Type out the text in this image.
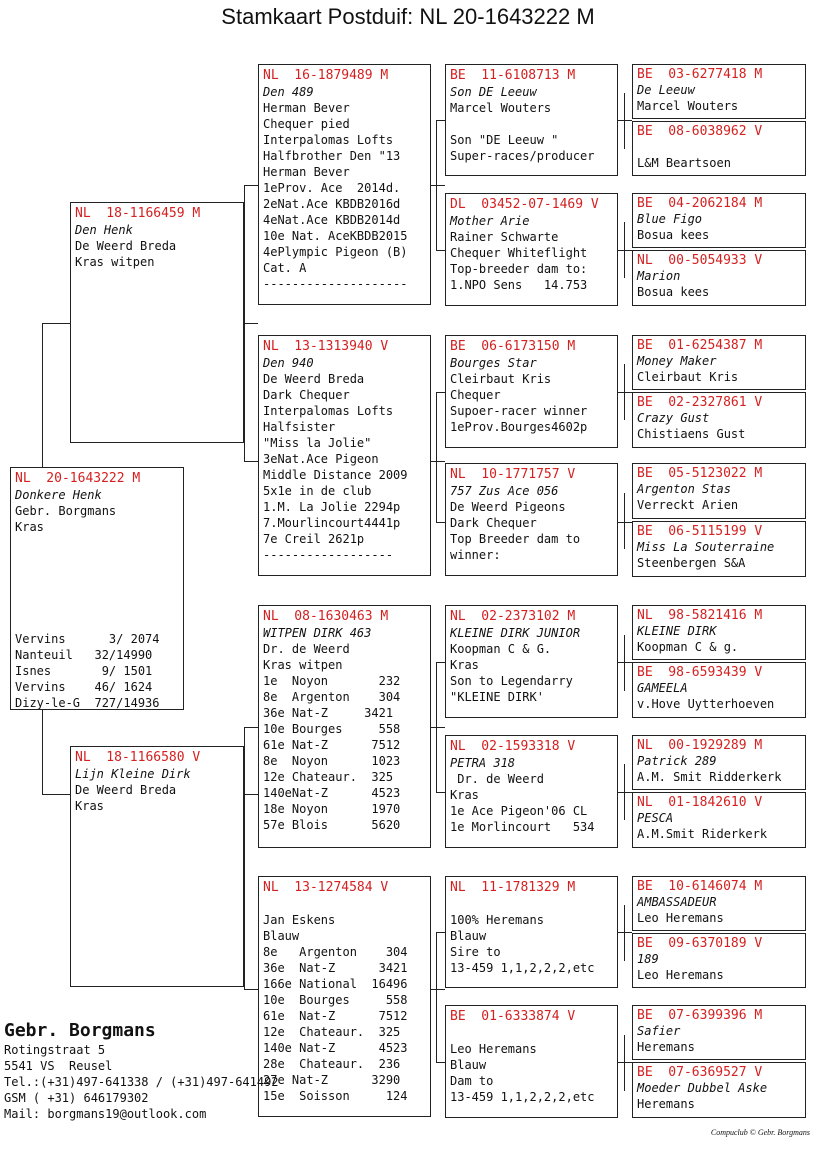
Stamkaart Postduif: NL 20-1643222 M
NL  20-1643222 M
Donkere Henk
Gebr. Borgmans
Kras

Vervins      3/ 2074
Nanteuil   32/14990
Isnes       9/ 1501
Vervins    46/ 1624
Dizy-le-G  727/14936
NL  18-1166459 M
Den Henk
De Weerd Breda
Kras witpen
NL  18-1166580 V
Lijn Kleine Dirk
De Weerd Breda
Kras
NL  16-1879489 M
Den 489
Herman Bever
Chequer pied
Interpalomas Lofts
Halfbrother Den "13
Herman Bever
1eProv. Ace  2014d.
2eNat.Ace KBDB2016d
4eNat.Ace KBDB2014d
10e Nat. AceKBDB2015
4ePlympic Pigeon (B)
Cat. A
--------------------
NL  13-1313940 V
Den 940
De Weerd Breda
Dark Chequer
Interpalomas Lofts
Halfsister
"Miss la Jolie"
3eNat.Ace Pigeon
Middle Distance 2009
5x1e in de club
1.M. La Jolie 2294p
7.Mourlincourt4441p
7e Creil 2621p
------------------
NL  08-1630463 M
WITPEN DIRK 463
Dr. de Weerd
Kras witpen
1e  Noyon       232
8e  Argenton    304
36e Nat-Z     3421
10e Bourges     558
61e Nat-Z      7512
8e  Noyon      1023
12e Chateaur.  325
140eNat-Z      4523
18e Noyon      1970
57e Blois      5620
NL  13-1274584 V

Jan Eskens
Blauw
8e   Argenton    304
36e  Nat-Z      3421
166e National  16496
10e  Bourges     558
61e  Nat-Z      7512
12e  Chateaur.  325
140e Nat-Z      4523
28e  Chateaur.  236
27e Nat-Z      3290
15e  Soisson     124
BE  11-6108713 M
Son DE Leeuw
Marcel Wouters

Son "DE Leeuw "
Super-races/producer
DL  03452-07-1469 V
Mother Arie
Rainer Schwarte
Chequer Whiteflight
Top-breeder dam to:
1.NPO Sens   14.753
BE  06-6173150 M
Bourges Star
Cleirbaut Kris
Chequer
Supoer-racer winner
1eProv.Bourges4602p
NL  10-1771757 V
757 Zus Ace 056
De Weerd Pigeons
Dark Chequer
Top Breeder dam to
winner:
NL  02-2373102 M
KLEINE DIRK JUNIOR
Koopman C & G.
Kras
Son to Legendarry
"KLEINE DIRK'
NL  02-1593318 V
PETRA 318
Dr. de Weerd
Kras
1e Ace Pigeon'06 CL
1e Morlincourt   534
NL  11-1781329 M

100% Heremans
Blauw
Sire to
13-459 1,1,2,2,2,etc
BE  01-6333874 V

Leo Heremans
Blauw
Dam to
13-459 1,1,2,2,2,etc
BE  03-6277418 M
De Leeuw
Marcel Wouters
BE  08-6038962 V

L&M Beartsoen
BE  04-2062184 M
Blue Figo
Bosua kees
NL  00-5054933 V
Marion
Bosua kees
BE  01-6254387 M
Money Maker
Cleirbaut Kris
BE  02-2327861 V
Crazy Gust
Chistiaens Gust
BE  05-5123022 M
Argenton Stas
Verreckt Arien
BE  06-5115199 V
Miss La Souterraine
Steenbergen S&A
NL  98-5821416 M
KLEINE DIRK
Koopman C & g.
BE  98-6593439 V
GAMEELA
v.Hove Uytterhoeven
NL  00-1929289 M
Patrick 289
A.M. Smit Ridderkerk
NL  01-1842610 V
PESCA
A.M.Smit Riderkerk
BE  10-6146074 M
AMBASSADEUR
Leo Heremans
BE  09-6370189 V
189
Leo Heremans
BE  07-6399396 M
Safier
Heremans
BE  07-6369527 V
Moeder Dubbel Aske
Heremans
Gebr. Borgmans
Rotingstraat 5
5541 VS  Reusel
Tel.:(+31)497-641338 / (+31)497-641492
GSM ( +31) 646179302
Mail: borgmans19@outlook.com
Compuclub © Gebr. Borgmans
